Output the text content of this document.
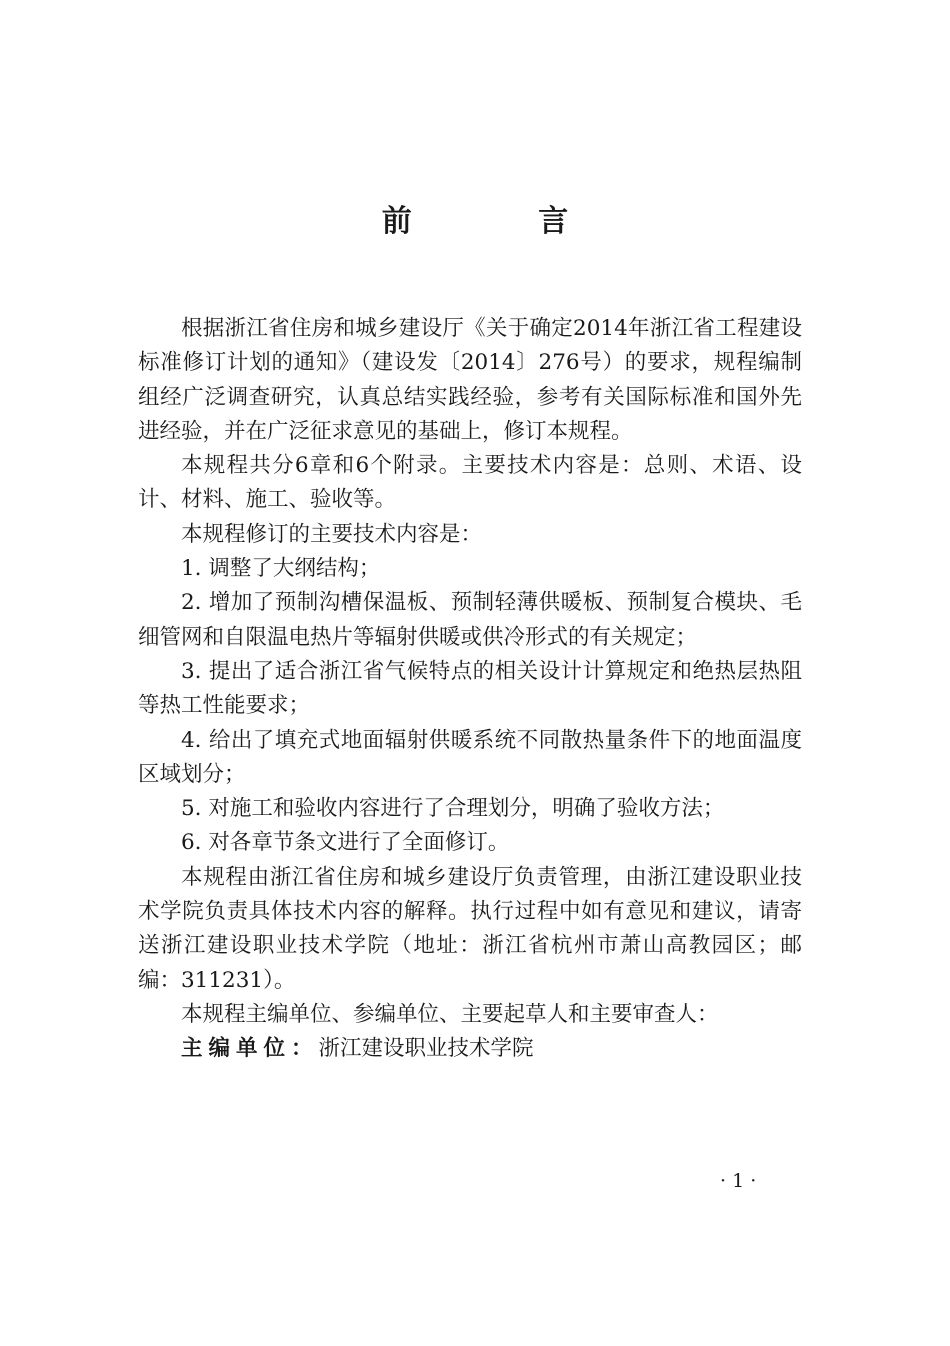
前 言

根据浙江省住房和城乡建设厅《关于确定2014年浙江省工程建设标准修订计划的通知》（建设发〔2014〕276号）的要求，规程编制组经广泛调查研究，认真总结实践经验，参考有关国际标准和国外先进经验，并在广泛征求意见的基础上，修订本规程。

本规程共分6章和6个附录。主要技术内容是：总则、术语、设计、材料、施工、验收等。

本规程修订的主要技术内容是：

1. 调整了大纲结构；

2. 增加了预制沟槽保温板、预制轻薄供暖板、预制复合模块、毛细管网和自限温电热片等辐射供暖或供冷形式的有关规定；

3. 提出了适合浙江省气候特点的相关设计计算规定和绝热层热阻等热工性能要求；

4. 给出了填充式地面辐射供暖系统不同散热量条件下的地面温度区域划分；

5. 对施工和验收内容进行了合理划分，明确了验收方法；

6. 对各章节条文进行了全面修订。

本规程由浙江省住房和城乡建设厅负责管理，由浙江建设职业技术学院负责具体技术内容的解释。执行过程中如有意见和建议，请寄送浙江建设职业技术学院（地址：浙江省杭州市萧山高教园区；邮编：311231）。

本规程主编单位、参编单位、主要起草人和主要审查人：

主编单位：浙江建设职业技术学院

· 1 ·
